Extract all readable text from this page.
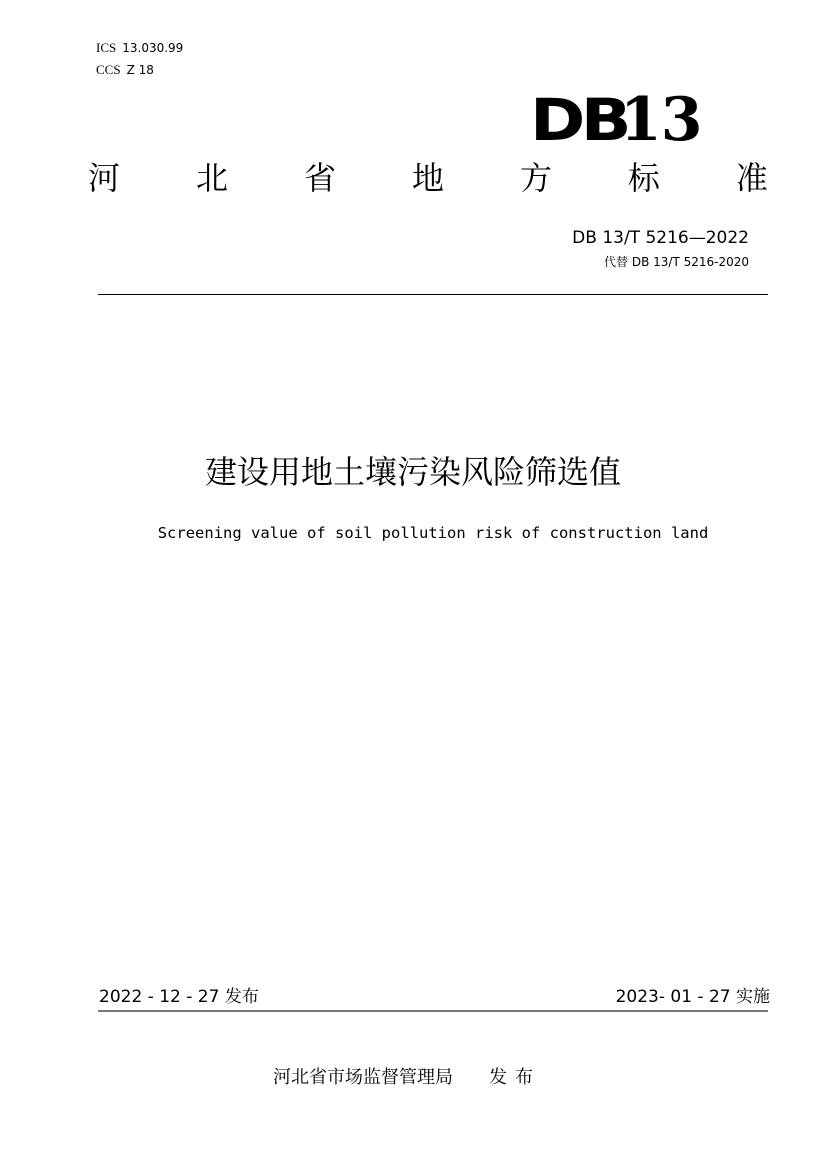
ICS 13.030.99
CCS Z 18
DB
13
河 北 省 地 方 标 准
DB 13/T 5216—2022
代替 DB 13/T 5216-2020
建设用地土壤污染风险筛选值
Screening value of soil pollution risk of construction land
2022 - 12 - 27 发布	2023- 01 - 27 实施
河北省市场监督管理局 发布
